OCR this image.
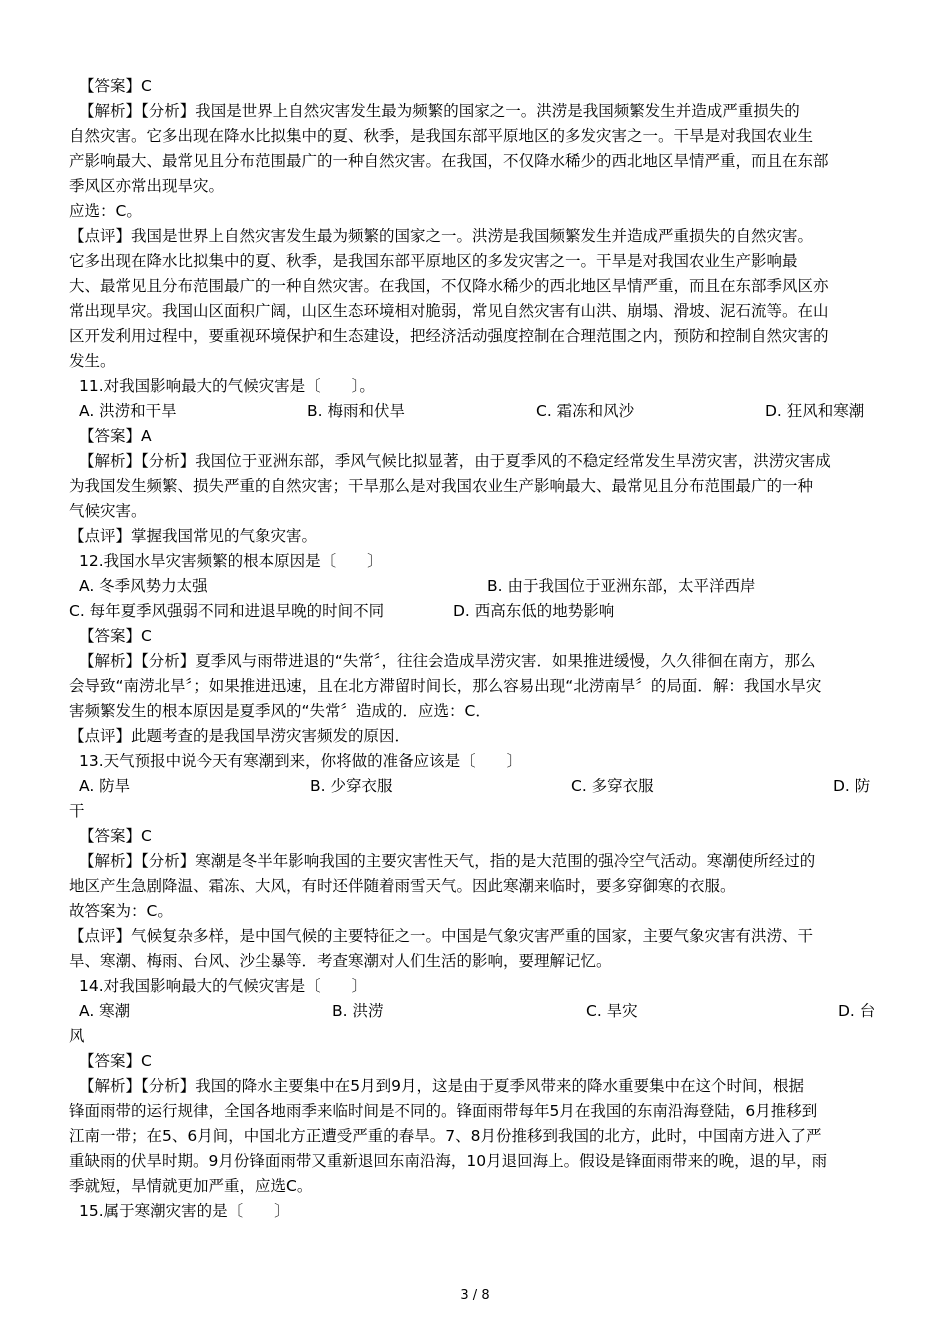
【答案】C
【解析】【分析】我国是世界上自然灾害发生最为频繁的国家之一。洪涝是我国频繁发生并造成严重损失的
自然灾害。它多出现在降水比拟集中的夏、秋季，是我国东部平原地区的多发灾害之一。干旱是对我国农业生
产影响最大、最常见且分布范围最广的一种自然灾害。在我国，不仅降水稀少的西北地区旱情严重，而且在东部
季风区亦常出现旱灾。
应选：C。
【点评】我国是世界上自然灾害发生最为频繁的国家之一。洪涝是我国频繁发生并造成严重损失的自然灾害。
它多出现在降水比拟集中的夏、秋季，是我国东部平原地区的多发灾害之一。干旱是对我国农业生产影响最
大、最常见且分布范围最广的一种自然灾害。在我国，不仅降水稀少的西北地区旱情严重，而且在东部季风区亦
常出现旱灾。我国山区面积广阔，山区生态环境相对脆弱，常见自然灾害有山洪、崩塌、滑坡、泥石流等。在山
区开发利用过程中，要重视环境保护和生态建设，把经济活动强度控制在合理范围之内，预防和控制自然灾害的
发生。
11.对我国影响最大的气候灾害是〔　　〕。
A. 洪涝和干旱	B. 梅雨和伏旱	C. 霜冻和风沙	D. 狂风和寒潮
【答案】A
【解析】【分析】我国位于亚洲东部，季风气候比拟显著，由于夏季风的不稳定经常发生旱涝灾害，洪涝灾害成
为我国发生频繁、损失严重的自然灾害；干旱那么是对我国农业生产影响最大、最常见且分布范围最广的一种
气候灾害。
【点评】掌握我国常见的气象灾害。
12.我国水旱灾害频繁的根本原因是〔　　〕
A. 冬季风势力太强	B. 由于我国位于亚洲东部，太平洋西岸
C. 每年夏季风强弱不同和进退早晚的时间不同	D. 西高东低的地势影响
【答案】C
【解析】【分析】夏季风与雨带进退的“失常〞，往往会造成旱涝灾害．如果推进缓慢，久久徘徊在南方，那么
会导致“南涝北旱〞；如果推进迅速，且在北方滞留时间长，那么容易出现“北涝南旱〞的局面．解：我国水旱灾
害频繁发生的根本原因是夏季风的“失常〞造成的．应选：C．
【点评】此题考查的是我国旱涝灾害频发的原因．
13.天气预报中说今天有寒潮到来，你将做的准备应该是〔　　〕
A. 防旱	B. 少穿衣服	C. 多穿衣服	D. 防
干
【答案】C
【解析】【分析】寒潮是冬半年影响我国的主要灾害性天气，指的是大范围的强冷空气活动。寒潮使所经过的
地区产生急剧降温、霜冻、大风，有时还伴随着雨雪天气。因此寒潮来临时，要多穿御寒的衣服。
故答案为：C。
【点评】气候复杂多样，是中国气候的主要特征之一。中国是气象灾害严重的国家，主要气象灾害有洪涝、干
旱、寒潮、梅雨、台风、沙尘暴等．考查寒潮对人们生活的影响，要理解记忆。
14.对我国影响最大的气候灾害是〔　　〕
A. 寒潮	B. 洪涝	C. 旱灾	D. 台
风
【答案】C
【解析】【分析】我国的降水主要集中在5月到9月，这是由于夏季风带来的降水重要集中在这个时间，根据
锋面雨带的运行规律，全国各地雨季来临时间是不同的。锋面雨带每年5月在我国的东南沿海登陆，6月推移到
江南一带；在5、6月间，中国北方正遭受严重的春旱。7、8月份推移到我国的北方，此时，中国南方进入了严
重缺雨的伏旱时期。9月份锋面雨带又重新退回东南沿海，10月退回海上。假设是锋面雨带来的晚，退的早，雨
季就短，旱情就更加严重，应选C。
15.属于寒潮灾害的是〔　　〕
3 / 8
